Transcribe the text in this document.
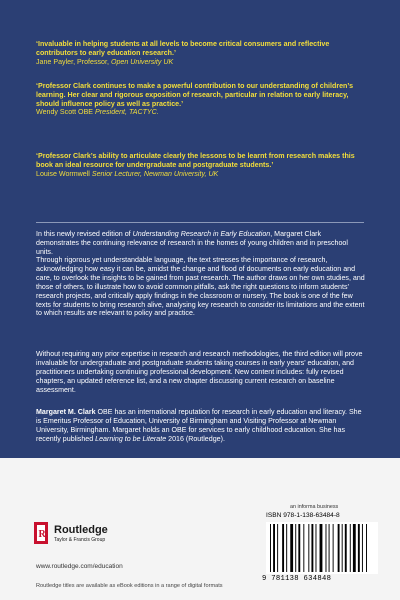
‘Invaluable in helping students at all levels to become critical consumers and reflective contributors to early education research.’

Jane Payler, Professor, Open University UK

‘Professor Clark continues to make a powerful contribution to our understanding of children’s learning. Her clear and rigorous exposition of research, particular in relation to early literacy, should influence policy as well as practice.’

Wendy Scott OBE President, TACTYC.

‘Professor Clark’s ability to articulate clearly the lessons to be learnt from research makes this book an ideal resource for undergraduate and postgraduate students.’

Louise Wormwell Senior Lecturer, Newman University, UK

In this newly revised edition of Understanding Research in Early Education, Margaret Clark demonstrates the continuing relevance of research in the homes of young children and in preschool units.

Through rigorous yet understandable language, the text stresses the importance of research, acknowledging how easy it can be, amidst the change and flood of documents on early education and care, to overlook the insights to be gained from past research. The author draws on her own studies, and those of others, to illustrate how to avoid common pitfalls, ask the right questions to inform students’ research projects, and critically apply findings in the classroom or nursery. The book is one of the few texts for students to bring research alive, analysing key research to consider its limitations and the extent to which results are relevant to policy and practice.

Without requiring any prior expertise in research and research methodologies, the third edition will prove invaluable for undergraduate and postgraduate students taking courses in early years’ education, and practitioners undertaking continuing professional development. New content includes: fully revised chapters, an updated reference list, and a new chapter discussing current research on baseline assessment.

Margaret M. Clark OBE has an international reputation for research in early education and literacy. She is Emeritus Professor of Education, University of Birmingham and Visiting Professor at Newman University, Birmingham. Margaret holds an OBE for services to early childhood education. She has recently published Learning to be Literate 2016 (Routledge).

R Routledge
Taylor & Francis Group
www.routledge.com/education
Routledge titles are available as eBook editions in a range of digital formats
an informa business
ISBN 978-1-138-63484-8
9 781138 634848
